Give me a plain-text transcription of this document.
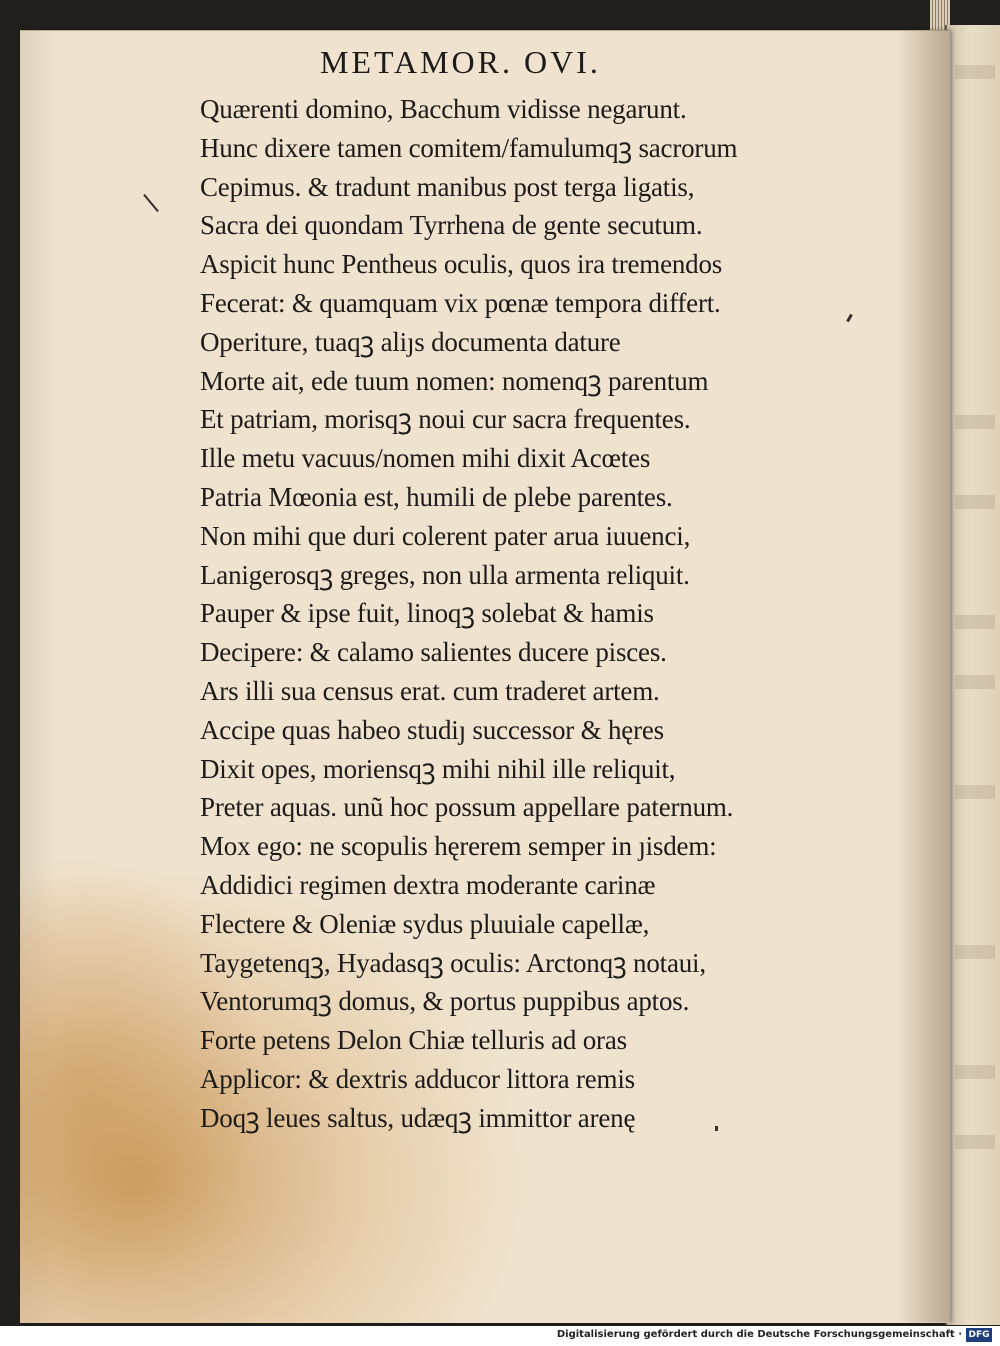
METAMOR. OVI.
Quærenti domino, Bacchum vidisse negarunt.
Hunc dixere tamen comitem/famulumqꝫ sacrorum
Cepimus. & tradunt manibus post terga ligatis,
Sacra dei quondam Tyrrhena de gente secutum.
Aspicit hunc Pentheus oculis, quos ira tremendos
Fecerat: & quamquam vix pœnæ tempora differt.
Operiture, tuaqꝫ aliȷs documenta dature
Morte ait, ede tuum nomen: nomenqꝫ parentum
Et patriam, morisqꝫ noui cur sacra frequentes.
Ille metu vacuus/nomen mihi dixit Acœtes
Patria Mœonia est, humili de plebe parentes.
Non mihi que duri colerent pater arua iuuenci,
Lanigerosqꝫ greges, non ulla armenta reliquit.
Pauper & ipse fuit, linoqꝫ solebat & hamis
Decipere: & calamo salientes ducere pisces.
Ars illi sua census erat. cum traderet artem.
Accipe quas habeo studiȷ successor & hęres
Dixit opes, moriensqꝫ mihi nihil ille reliquit,
Preter aquas. unũ hoc possum appellare paternum.
Mox ego: ne scopulis hęrerem semper in ȷisdem:
Addidici regimen dextra moderante carinæ
Flectere & Oleniæ sydus pluuiale capellæ,
Taygetenqꝫ, Hyadasqꝫ oculis: Arctonqꝫ notaui,
Ventorumqꝫ domus, & portus puppibus aptos.
Forte petens Delon Chiæ telluris ad oras
Applicor: & dextris adducor littora remis
Doqꝫ leues saltus, udæqꝫ immittor arenę
Digitalisierung gefördert durch die Deutsche Forschungsgemeinschaft · DFG
